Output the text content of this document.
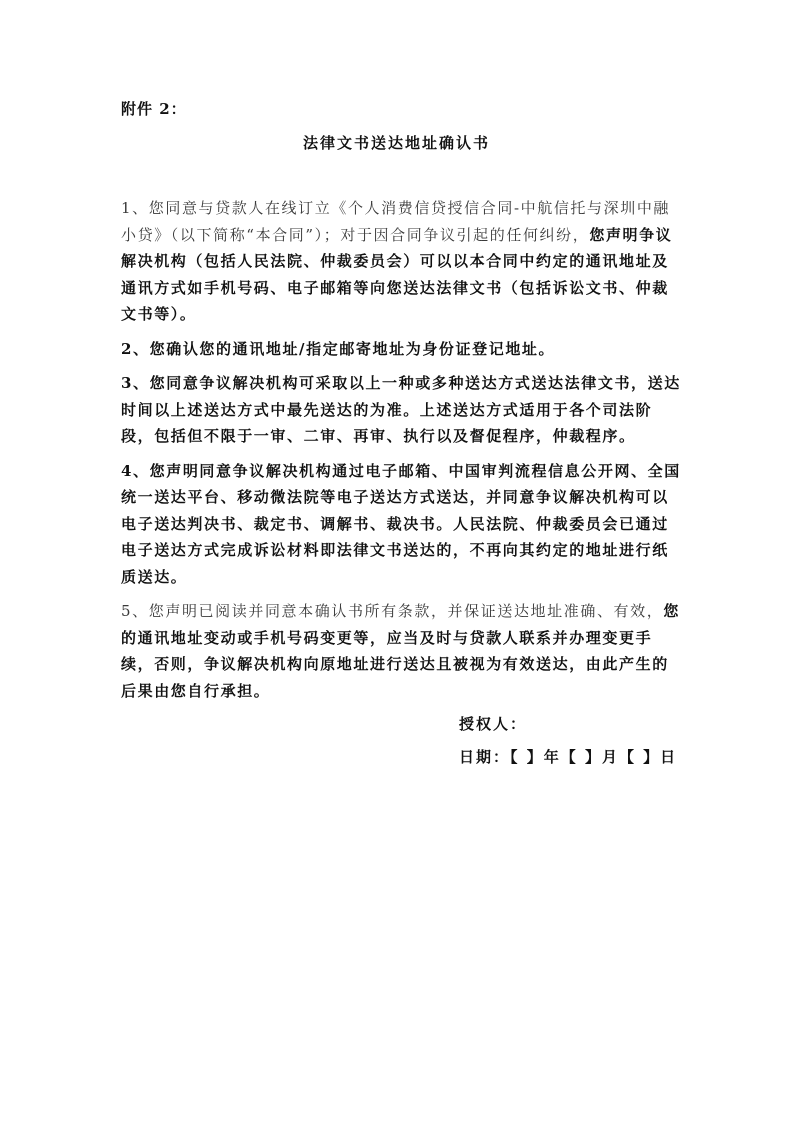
附件 2：
法律文书送达地址确认书

1、您同意与贷款人在线订立《个人消费信贷授信合同-中航信托与深圳中融小贷》（以下简称“本合同”）；对于因合同争议引起的任何纠纷，您声明争议解决机构（包括人民法院、仲裁委员会）可以以本合同中约定的通讯地址及通讯方式如手机号码、电子邮箱等向您送达法律文书（包括诉讼文书、仲裁文书等）。

2、您确认您的通讯地址/指定邮寄地址为身份证登记地址。

3、您同意争议解决机构可采取以上一种或多种送达方式送达法律文书，送达时间以上述送达方式中最先送达的为准。上述送达方式适用于各个司法阶段，包括但不限于一审、二审、再审、执行以及督促程序，仲裁程序。

4、您声明同意争议解决机构通过电子邮箱、中国审判流程信息公开网、全国统一送达平台、移动微法院等电子送达方式送达，并同意争议解决机构可以电子送达判决书、裁定书、调解书、裁决书。人民法院、仲裁委员会已通过电子送达方式完成诉讼材料即法律文书送达的，不再向其约定的地址进行纸质送达。

5、您声明已阅读并同意本确认书所有条款，并保证送达地址准确、有效，您的通讯地址变动或手机号码变更等，应当及时与贷款人联系并办理变更手续，否则，争议解决机构向原地址进行送达且被视为有效送达，由此产生的后果由您自行承担。

授权人：
日期：【 】年【 】月【 】日
